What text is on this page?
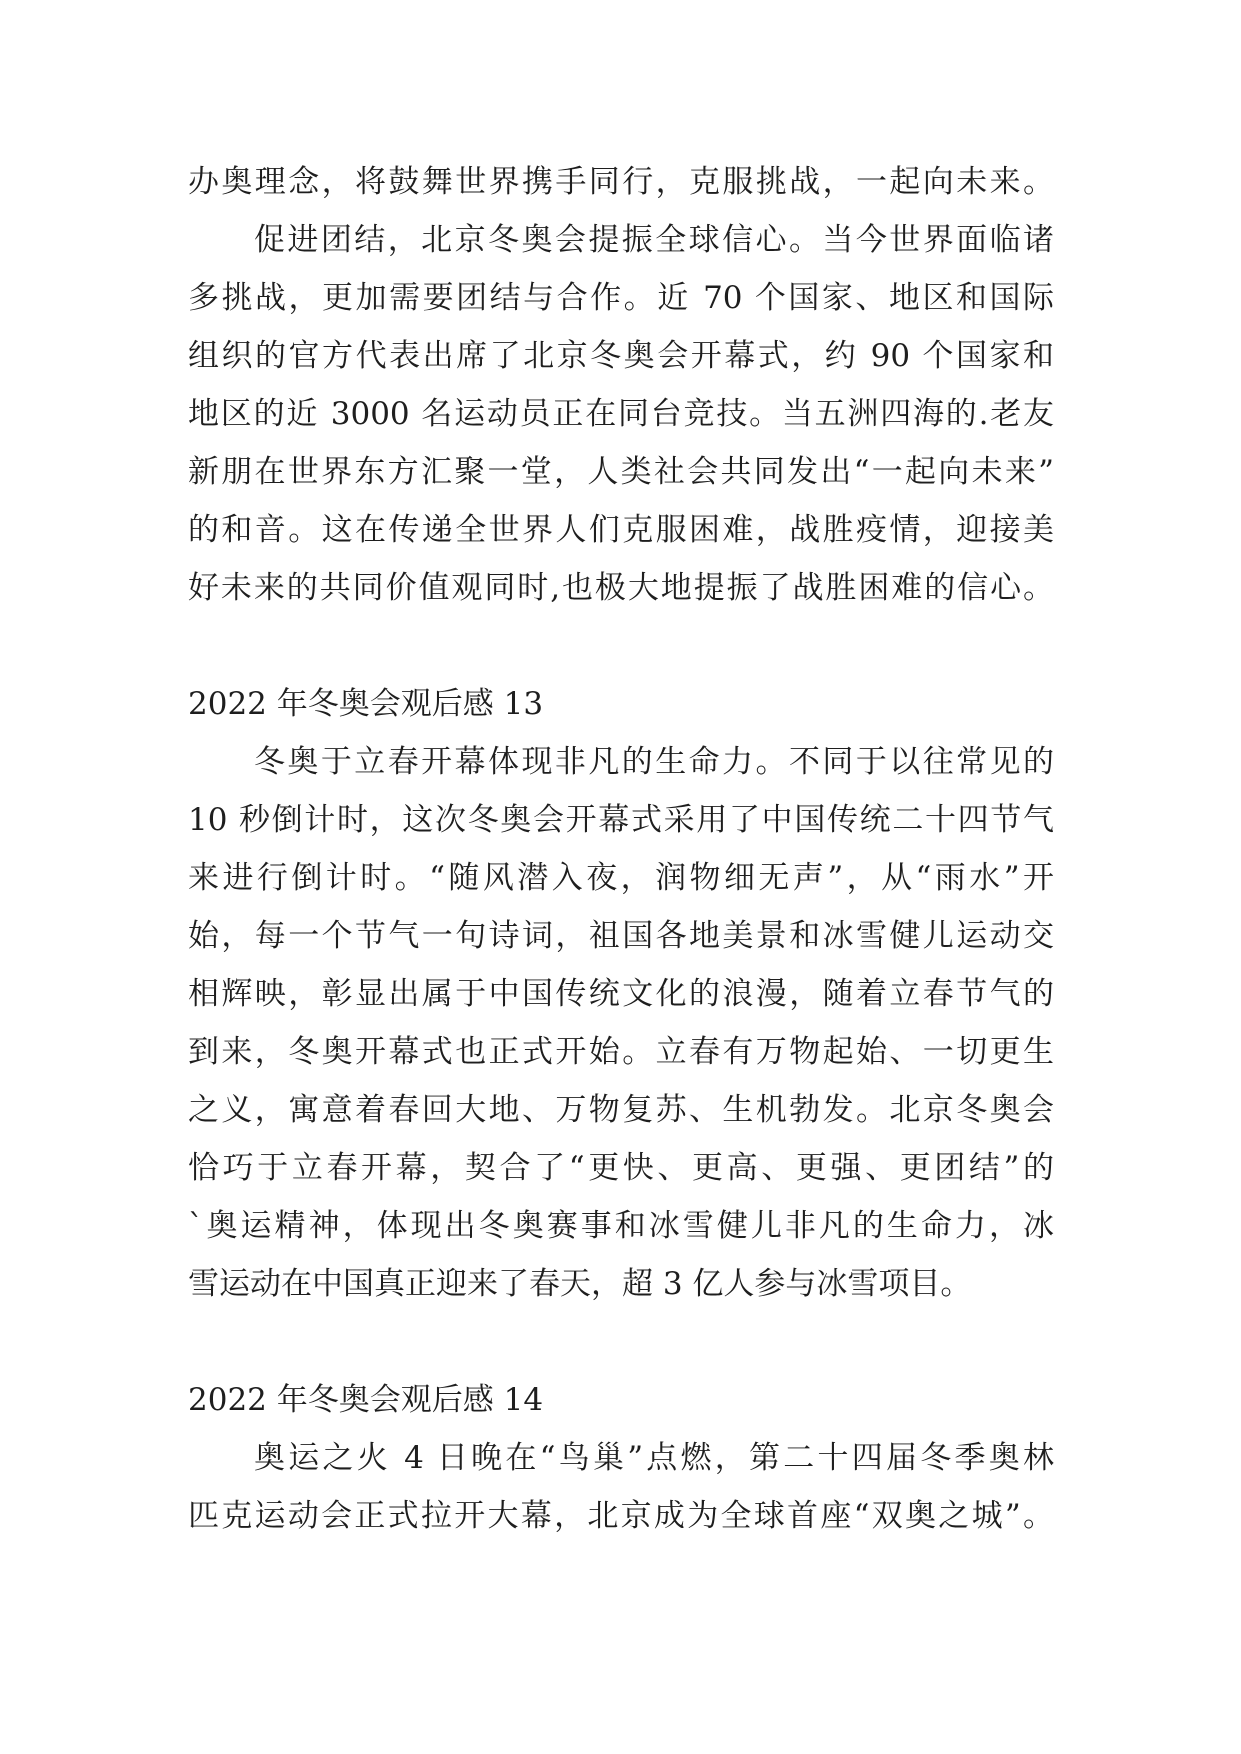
办奥理念，将鼓舞世界携手同行，克服挑战，一起向未来。
促进团结，北京冬奥会提振全球信心。当今世界面临诸
多挑战，更加需要团结与合作。近 70 个国家、地区和国际
组织的官方代表出席了北京冬奥会开幕式，约 90 个国家和
地区的近 3000 名运动员正在同台竞技。当五洲四海的.老友
新朋在世界东方汇聚一堂，人类社会共同发出“一起向未来”
的和音。这在传递全世界人们克服困难，战胜疫情，迎接美
好未来的共同价值观同时,也极大地提振了战胜困难的信心。
2022 年冬奥会观后感 13
冬奥于立春开幕体现非凡的生命力。不同于以往常见的
10 秒倒计时，这次冬奥会开幕式采用了中国传统二十四节气
来进行倒计时。“随风潜入夜，润物细无声”，从“雨水”开
始，每一个节气一句诗词，祖国各地美景和冰雪健儿运动交
相辉映，彰显出属于中国传统文化的浪漫，随着立春节气的
到来，冬奥开幕式也正式开始。立春有万物起始、一切更生
之义，寓意着春回大地、万物复苏、生机勃发。北京冬奥会
恰巧于立春开幕，契合了“更快、更高、更强、更团结”的
`奥运精神，体现出冬奥赛事和冰雪健儿非凡的生命力，冰
雪运动在中国真正迎来了春天，超 3 亿人参与冰雪项目。
2022 年冬奥会观后感 14
奥运之火 4 日晚在“鸟巢”点燃，第二十四届冬季奥林
匹克运动会正式拉开大幕，北京成为全球首座“双奥之城”。
